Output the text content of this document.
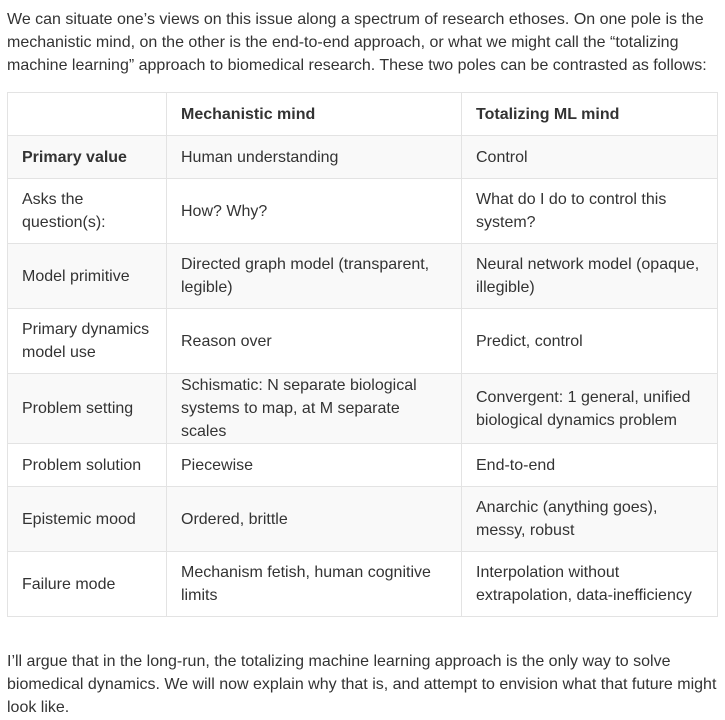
We can situate one’s views on this issue along a spectrum of research ethoses. On one pole is the mechanistic mind, on the other is the end-to-end approach, or what we might call the “totalizing machine learning” approach to biomedical research. These two poles can be contrasted as follows:

	Mechanistic mind	Totalizing ML mind
Primary value	Human understanding	Control
Asks the question(s):	How? Why?	What do I do to control this system?
Model primitive	Directed graph model (transparent, legible)	Neural network model (opaque, illegible)
Primary dynamics model use	Reason over	Predict, control
Problem setting	Schismatic: N separate biological systems to map, at M separate scales	Convergent: 1 general, unified biological dynamics problem
Problem solution	Piecewise	End-to-end
Epistemic mood	Ordered, brittle	Anarchic (anything goes), messy, robust
Failure mode	Mechanism fetish, human cognitive limits	Interpolation without extrapolation, data-inefficiency

I’ll argue that in the long-run, the totalizing machine learning approach is the only way to solve biomedical dynamics. We will now explain why that is, and attempt to envision what that future might look like.
